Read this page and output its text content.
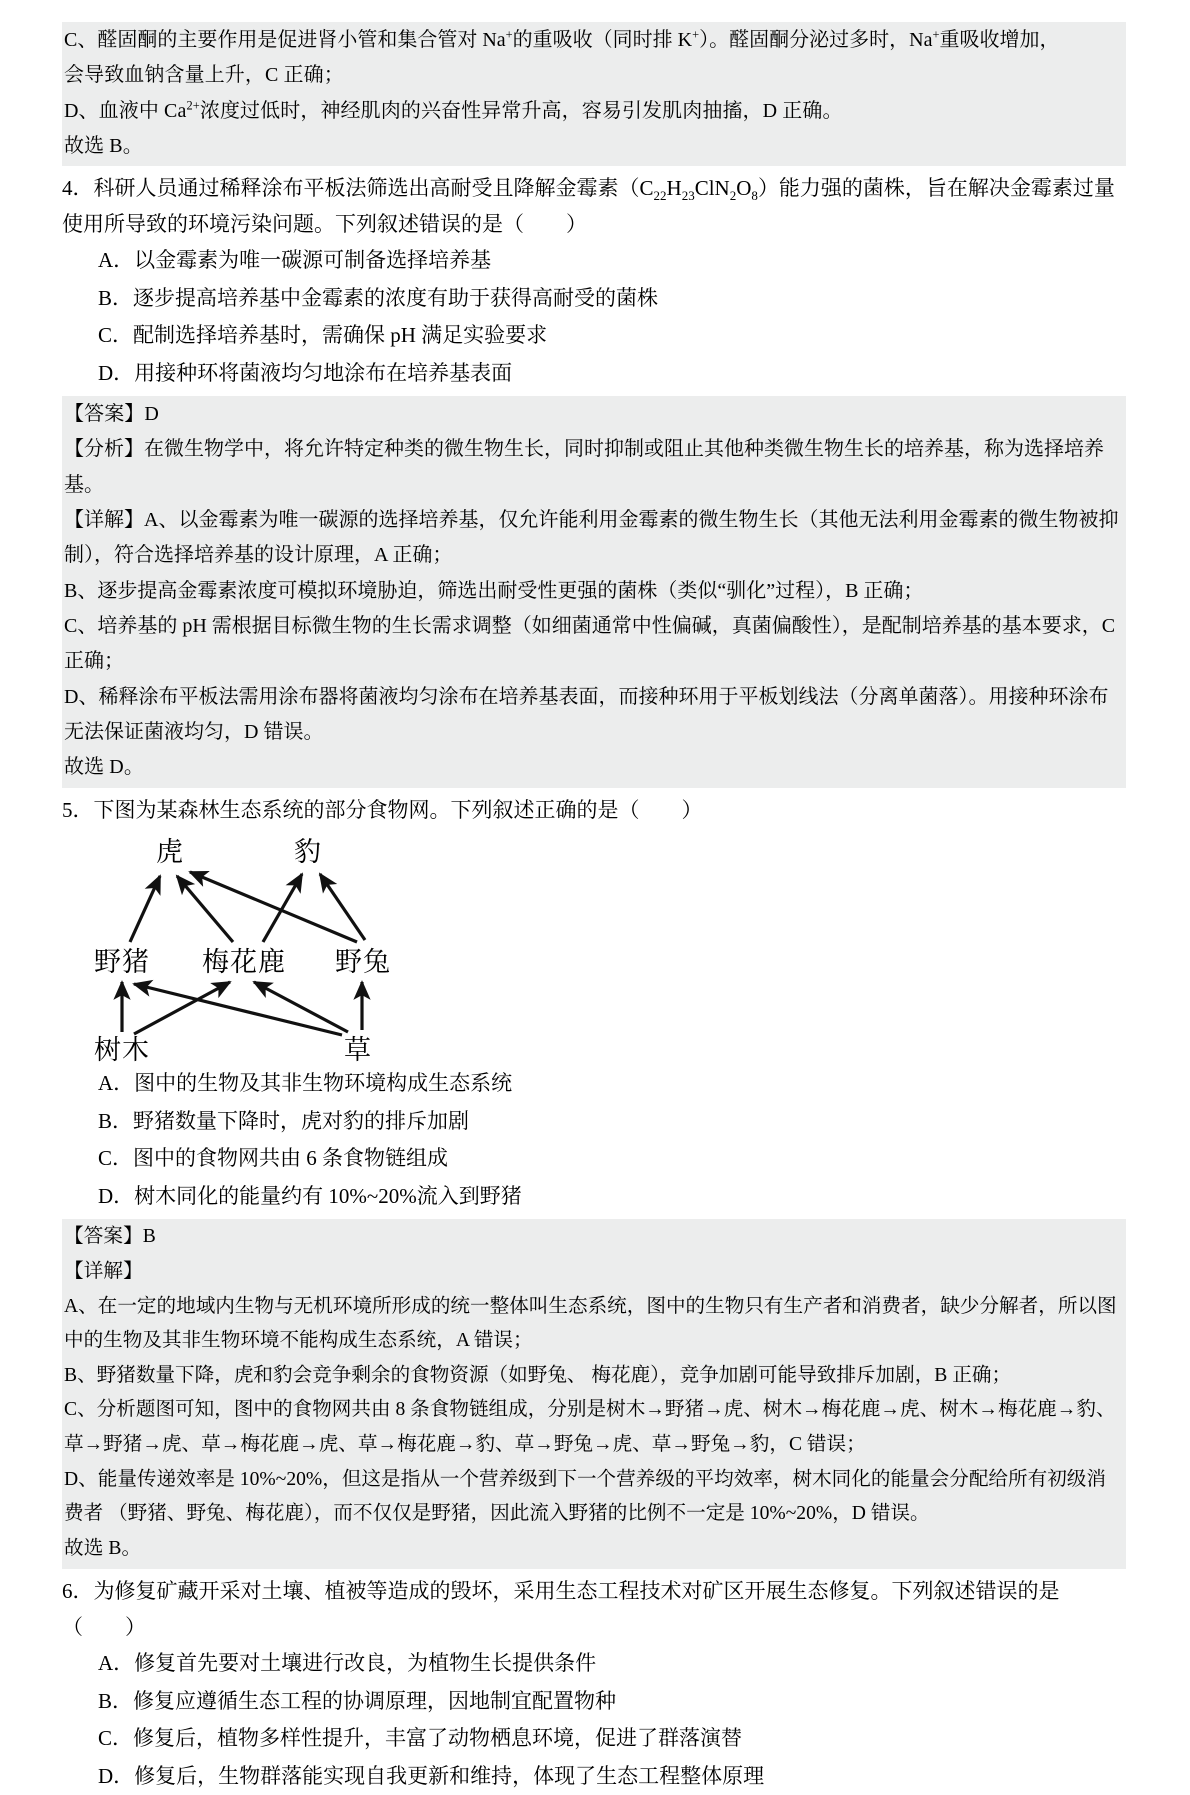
C、醛固酮的主要作用是促进肾小管和集合管对 Na+的重吸收（同时排 K+）。醛固酮分泌过多时，Na+重吸收增加，
会导致血钠含量上升，C 正确；
D、血液中 $Ca^{2+}$浓度过低时，神经肌肉的兴奋性异常升高，容易引发肌肉抽搐，D 正确。
故选 B。
4．科研人员通过稀释涂布平板法筛选出高耐受且降解金霉素$(C_{22}H_{23}ClN_2O_8)$能力强的菌株，旨在解决金霉素过量使用所导致的环境污染问题。下列叙述错误的是（　　）
A．以金霉素为唯一碳源可制备选择培养基
B．逐步提高培养基中金霉素的浓度有助于获得高耐受的菌株
C．配制选择培养基时，需确保 pH 满足实验要求
D．用接种环将菌液均匀地涂布在培养基表面
【答案】D
【分析】在微生物学中，将允许特定种类的微生物生长，同时抑制或阻止其他种类微生物生长的培养基，称为选择培养基。
【详解】A、以金霉素为唯一碳源的选择培养基，仅允许能利用金霉素的微生物生长（其他无法利用金霉素的微生物被抑制），符合选择培养基的设计原理，A 正确；
B、逐步提高金霉素浓度可模拟环境胁迫，筛选出耐受性更强的菌株（类似“驯化”过程），B 正确；
C、培养基的 pH 需根据目标微生物的生长需求调整（如细菌通常中性偏碱，真菌偏酸性），是配制培养基的基本要求，C 正确；
D、稀释涂布平板法需用涂布器将菌液均匀涂布在培养基表面，而接种环用于平板划线法（分离单菌落）。用接种环涂布无法保证菌液均匀，D 错误。
故选 D。
5．下图为某森林生态系统的部分食物网。下列叙述正确的是（　　）
虎	豹
野猪 梅花鹿 野兔
树木	草
A．图中的生物及其非生物环境构成生态系统
B．野猪数量下降时，虎对豹的排斥加剧
C．图中的食物网共由 6 条食物链组成
D．树木同化的能量约有 10%~20%流入到野猪
【答案】B
【详解】
A、在一定的地域内生物与无机环境所形成的统一整体叫生态系统，图中的生物只有生产者和消费者，缺少分解者，所以图中的生物及其非生物环境不能构成生态系统，A 错误；
B、野猪数量下降，虎和豹会竞争剩余的食物资源（如野兔、 梅花鹿），竞争加剧可能导致排斥加剧，B 正确；
C、分析题图可知，图中的食物网共由 8 条食物链组成，分别是树木→野猪→虎、树木→梅花鹿→虎、树木→梅花鹿→豹、草→野猪→虎、草→梅花鹿→虎、草→梅花鹿→豹、草→野兔→虎、草→野兔→豹，C 错误；
D、能量传递效率是 10%~20%，但这是指从一个营养级到下一个营养级的平均效率，树木同化的能量会分配给所有初级消费者 （野猪、野兔、梅花鹿），而不仅仅是野猪，因此流入野猪的比例不一定是 10%~20%，D 错误。
故选 B。
6．为修复矿藏开采对土壤、植被等造成的毁坏，采用生态工程技术对矿区开展生态修复。下列叙述错误的是（　　）
A．修复首先要对土壤进行改良，为植物生长提供条件
B．修复应遵循生态工程的协调原理，因地制宜配置物种
C．修复后，植物多样性提升，丰富了动物栖息环境，促进了群落演替
D．修复后，生物群落能实现自我更新和维持，体现了生态工程整体原理
